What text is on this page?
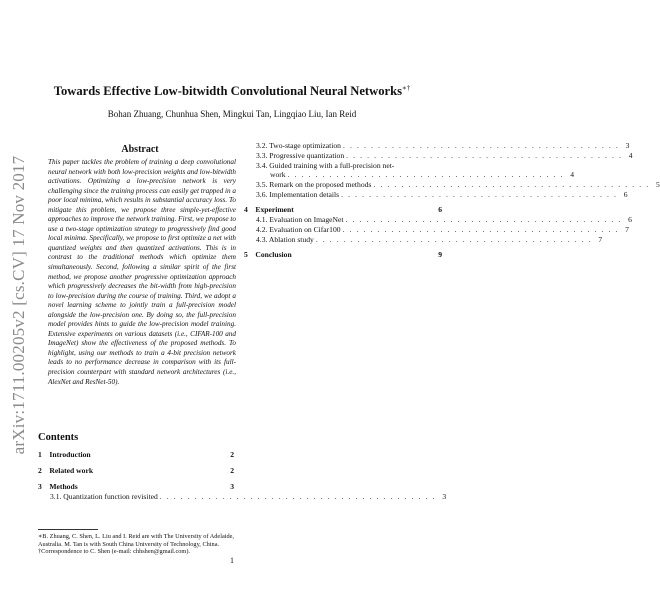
arXiv:1711.00205v2 [cs.CV] 17 Nov 2017
Towards Effective Low-bitwidth Convolutional Neural Networks∗†
Bohan Zhuang, Chunhua Shen, Mingkui Tan, Lingqiao Liu, Ian Reid
Abstract
This paper tackles the problem of training a deep convolutional neural network with both low-precision weights and low-bitwidth activations. Optimizing a low-precision network is very challenging since the training process can easily get trapped in a poor local minima, which results in substantial accuracy loss. To mitigate this problem, we propose three simple-yet-effective approaches to improve the network training. First, we propose to use a two-stage optimization strategy to progressively find good local minima. Specifically, we propose to first optimize a net with quantized weights and then quantized activations. This is in contrast to the traditional methods which optimize them simultaneously. Second, following a similar spirit of the first method, we propose another progressive optimization approach which progressively decreases the bit-width from high-precision to low-precision during the course of training. Third, we adopt a novel learning scheme to jointly train a full-precision model alongside the low-precision one. By doing so, the full-precision model provides hints to guide the low-precision model training. Extensive experiments on various datasets (i.e., CIFAR-100 and ImageNet) show the effectiveness of the proposed methods. To highlight, using our methods to train a 4-bit precision network leads to no performance decrease in comparison with its full-precision counterpart with standard network architectures (i.e., AlexNet and ResNet-50).
Contents
1 Introduction	2
2 Related work	2
3 Methods	3
3.1. Quantization function revisited . . . . . . . . . . . . . . . . . . . . . . . . . . . . . . . . . . . . . . . . 3
3.2. Two-stage optimization . . . . . . . . . . . . . . . . . . . . . . . . . . . . . . . . . . . . . . . . 3
3.3. Progressive quantization . . . . . . . . . . . . . . . . . . . . . . . . . . . . . . . . . . . . . . . . 4
3.4. Guided training with a full-precision net-
work . . . . . . . . . . . . . . . . . . . . . . . . . . . . . . . . . . . . . . . . 4
3.5. Remark on the proposed methods . . . . . . . . . . . . . . . . . . . . . . . . . . . . . . . . . . . . . . . . 5
3.6. Implementation details . . . . . . . . . . . . . . . . . . . . . . . . . . . . . . . . . . . . . . . . 6
4 Experiment	6
4.1. Evaluation on ImageNet . . . . . . . . . . . . . . . . . . . . . . . . . . . . . . . . . . . . . . . . 6
4.2. Evaluation on Cifar100 . . . . . . . . . . . . . . . . . . . . . . . . . . . . . . . . . . . . . . . . 7
4.3. Ablation study . . . . . . . . . . . . . . . . . . . . . . . . . . . . . . . . . . . . . . . . 7
5 Conclusion	9
∗B. Zhuang, C. Shen, L. Liu and I. Reid are with The University of Adelaide, Australia. M. Tan is with South China University of Technology, China.
†Correspondence to C. Shen (e-mail: chhshen@gmail.com).
1
